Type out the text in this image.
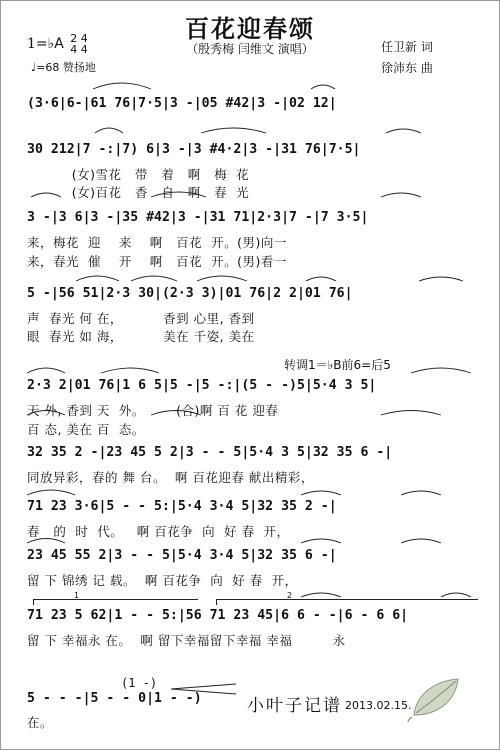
百花迎春颂
（殷秀梅 闫维文 演唱）
1=♭A 2 4
4 4
♩=68 赞扬地
任卫新 词
徐沛东 曲
(3·6|6-|61 76|7·5|3 -|05 #42|3 -|02 12|
30 212|7 -:|7) 6|3 -|3 #4·2|3 -|31 76|7·5|
(女)雪花   带   着   啊   梅  花
(女)百花   香   自   啊   春  光
3 -|3 6|3 -|35 #42|3 -|31 71|2·3|7 -|7 3·5|
来，梅花  迎    来    啊   百花  开。(男)向一
来，春光  催    开    啊   百花  开。(男)看一
5 -|56 51|2·3 30|(2·3 3)|01 76|2 2|01 76|
声  春光 何 在，         香到 心里, 香到
眼  春光 如 海，         美在 千姿, 美在
转调1＝♭B前6=后5
2·3 2|01 76|1 6 5|5 -|5 -:|(5 - -)5|5·4 3 5|
天 外, 香到 天  外。       (合)啊 百 花 迎春
百 态, 美在 百  态。
32 35 2 -|23 45 5 2|3 - - 5|5·4 3 5|32 35 6 -|
同放异彩，春的 舞 台。  啊 百花迎春 献出精彩，
71 23 3·6|5 - - 5:|5·4 3·4 5|32 35 2 -|
春   的  时  代。   啊 百花争  向  好 春  开，
23 45 55 2|3 - - 5|5·4 3·4 5|32 35 6 -|
留 下 锦绣 记 载。  啊 百花争  向  好 春  开，
1	2
71 23 5 62|1 - - 5:|56 71 23 45|6 6 - -|6 - 6 6|
留 下 幸福永 在。  啊 留下幸福留下幸福 幸福         永
(1 -)
5 - - -|5 - - 0|1 - -)
在。
小叶子记谱 2013.02.15.
